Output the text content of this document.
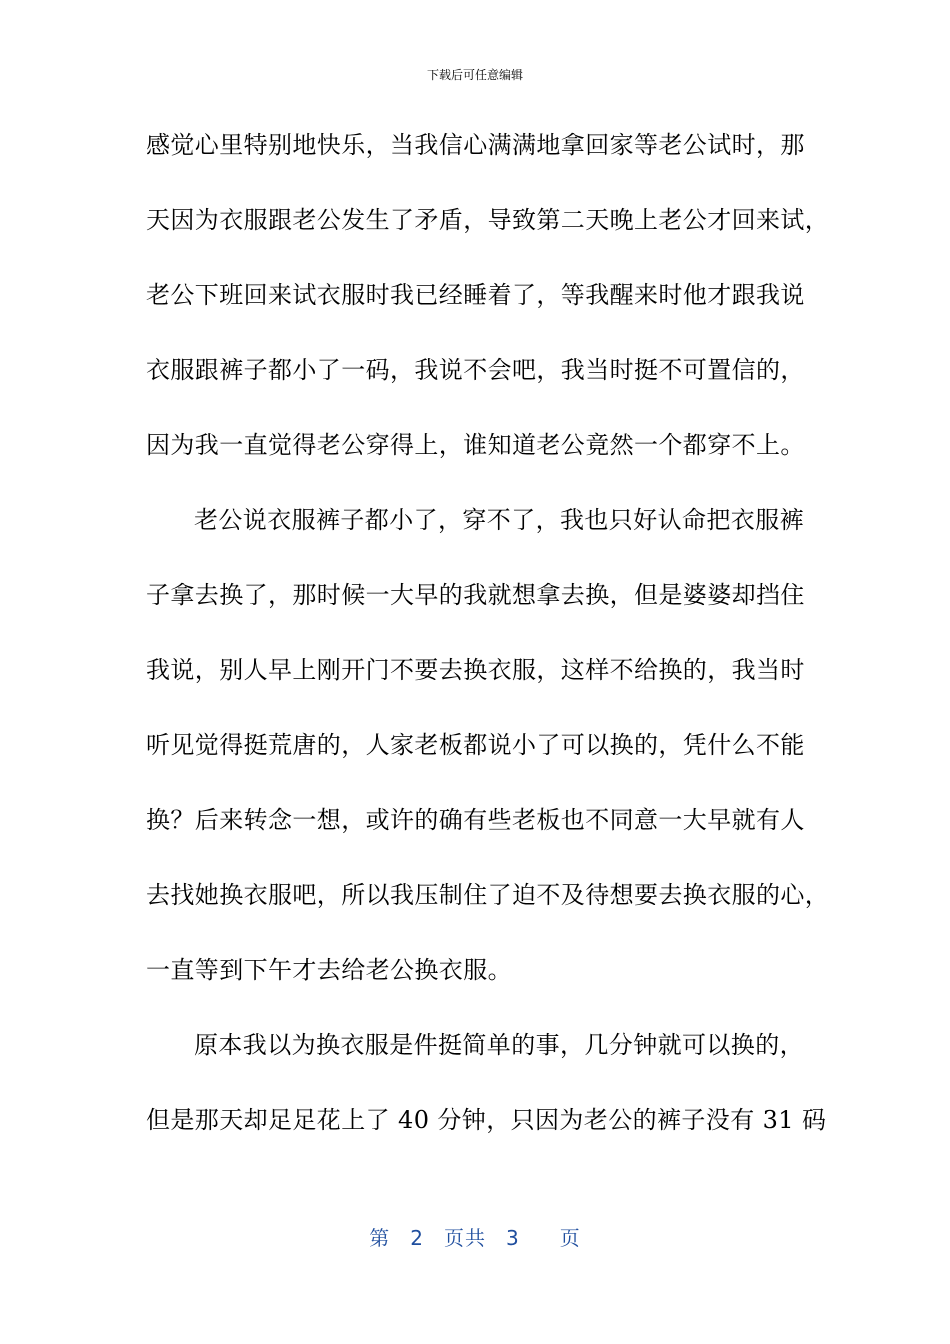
下载后可任意编辑
感觉心里特别地快乐，当我信心满满地拿回家等老公试时，那
天因为衣服跟老公发生了矛盾，导致第二天晚上老公才回来试，
老公下班回来试衣服时我已经睡着了，等我醒来时他才跟我说
衣服跟裤子都小了一码，我说不会吧，我当时挺不可置信的，
因为我一直觉得老公穿得上，谁知道老公竟然一个都穿不上。
老公说衣服裤子都小了，穿不了，我也只好认命把衣服裤
子拿去换了，那时候一大早的我就想拿去换，但是婆婆却挡住
我说，别人早上刚开门不要去换衣服，这样不给换的，我当时
听见觉得挺荒唐的，人家老板都说小了可以换的，凭什么不能
换？后来转念一想，或许的确有些老板也不同意一大早就有人
去找她换衣服吧，所以我压制住了迫不及待想要去换衣服的心，
一直等到下午才去给老公换衣服。
原本我以为换衣服是件挺简单的事，几分钟就可以换的，
但是那天却足足花上了 40 分钟，只因为老公的裤子没有 31 码
第 2 页共 3 页
